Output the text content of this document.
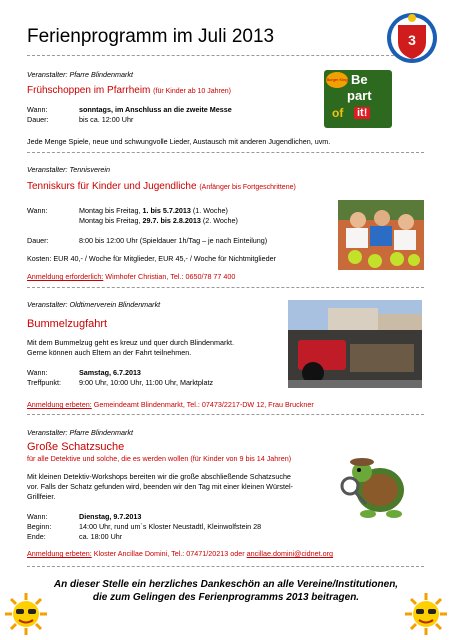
Ferienprogramm im Juli 2013	3
Veranstalter: Pfarre Blindenmarkt
Frühschoppen im Pfarrheim (für Kinder ab 10 Jahren)
Wann:	sonntags, im Anschluss an die zweite Messe
Dauer:	bis ca. 12:00 Uhr
Jede Menge Spiele, neue und schwungvolle Lieder, Austausch mit anderen Jugendlichen, uvm.
Burger King Be
part
of it!
Veranstalter: Tennisverein
Tenniskurs für Kinder und Jugendliche (Anfänger bis Fortgeschrittene)
Wann:	Montag bis Freitag, 1. bis 5.7.2013 (1. Woche)
Montag bis Freitag, 29.7. bis 2.8.2013 (2. Woche)
Dauer:	8:00 bis 12:00 Uhr (Spieldauer 1h/Tag – je nach Einteilung)
Kosten: EUR 40,- / Woche für Mitglieder, EUR 45,- / Woche für Nichtmitglieder
Anmeldung erforderlich: Wimhofer Christian, Tel.: 0650/78 77 400
Veranstalter: Oldtimerverein Blindenmarkt
Bummelzugfahrt
Mit dem Bummelzug geht es kreuz und quer durch Blindenmarkt.
Gerne können auch Eltern an der Fahrt teilnehmen.
Wann:	Samstag, 6.7.2013
Treffpunkt:	9:00 Uhr, 10:00 Uhr, 11:00 Uhr, Marktplatz
Anmeldung erbeten: Gemeindeamt Blindenmarkt, Tel.: 07473/2217-DW 12, Frau Bruckner
Veranstalter: Pfarre Blindenmarkt
Große Schatzsuche
für alle Detektive und solche, die es werden wollen (für Kinder von 9 bis 14 Jahren)
Mit kleinen Detektiv-Workshops bereiten wir die große abschließende Schatzsuche
vor. Falls der Schatz gefunden wird, beenden wir den Tag mit einer kleinen Würstel-
Grillfeier.
Wann:	Dienstag, 9.7.2013
Beginn:	14:00 Uhr, rund um´s Kloster Neustadtl, Kleinwolfstein 28
Ende:	ca. 18:00 Uhr
Anmeldung erbeten: Kloster Ancillae Domini, Tel.: 07471/20213 oder ancillae.domini@cidnet.org
An dieser Stelle ein herzliches Dankeschön an alle Vereine/Institutionen,
die zum Gelingen des Ferienprogramms 2013 beitragen.
